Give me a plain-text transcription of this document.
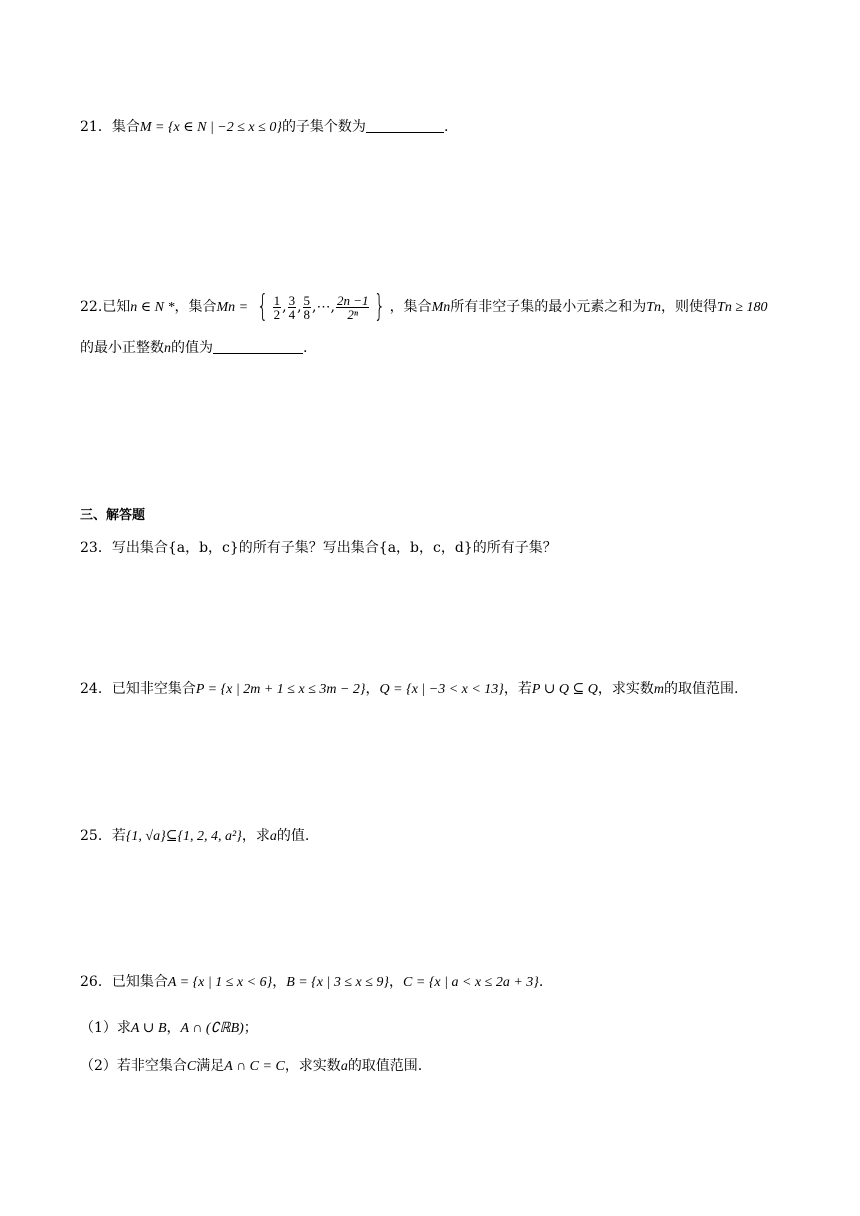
21．集合M = {x ∈ N | −2 ≤ x ≤ 0}的子集个数为	.
22.已知n ∈ N *，集合Mn = { $\frac{1}{2}$ , $\frac{3}{4}$ , $\frac{5}{8}$ ,⋯, $\frac{2n -1}{\text{2ⁿ}}$ } ，集合Mn所有非空子集的最小元素之和为Tn，则使得Tn ≥ 180
的最小正整数n的值为	.
三、解答题
23．写出集合{a，b，c}的所有子集？写出集合{a，b，c，d}的所有子集？
24．已知非空集合P = {x | 2m + 1 ≤ x ≤ 3m − 2}，Q = {x | −3 < x < 13}，若P ∪ Q ⊆ Q，求实数m的取值范围.
25．若{1, √a}⊆{1, 2, 4, a²}，求a的值.
26．已知集合A = {x | 1 ≤ x < 6}，B = {x | 3 ≤ x ≤ 9}，C = {x | a < x ≤ 2a + 3}.
（1）求A ∪ B，A ∩ (∁ℝB)；
（2）若非空集合C满足A ∩ C = C，求实数a的取值范围.
